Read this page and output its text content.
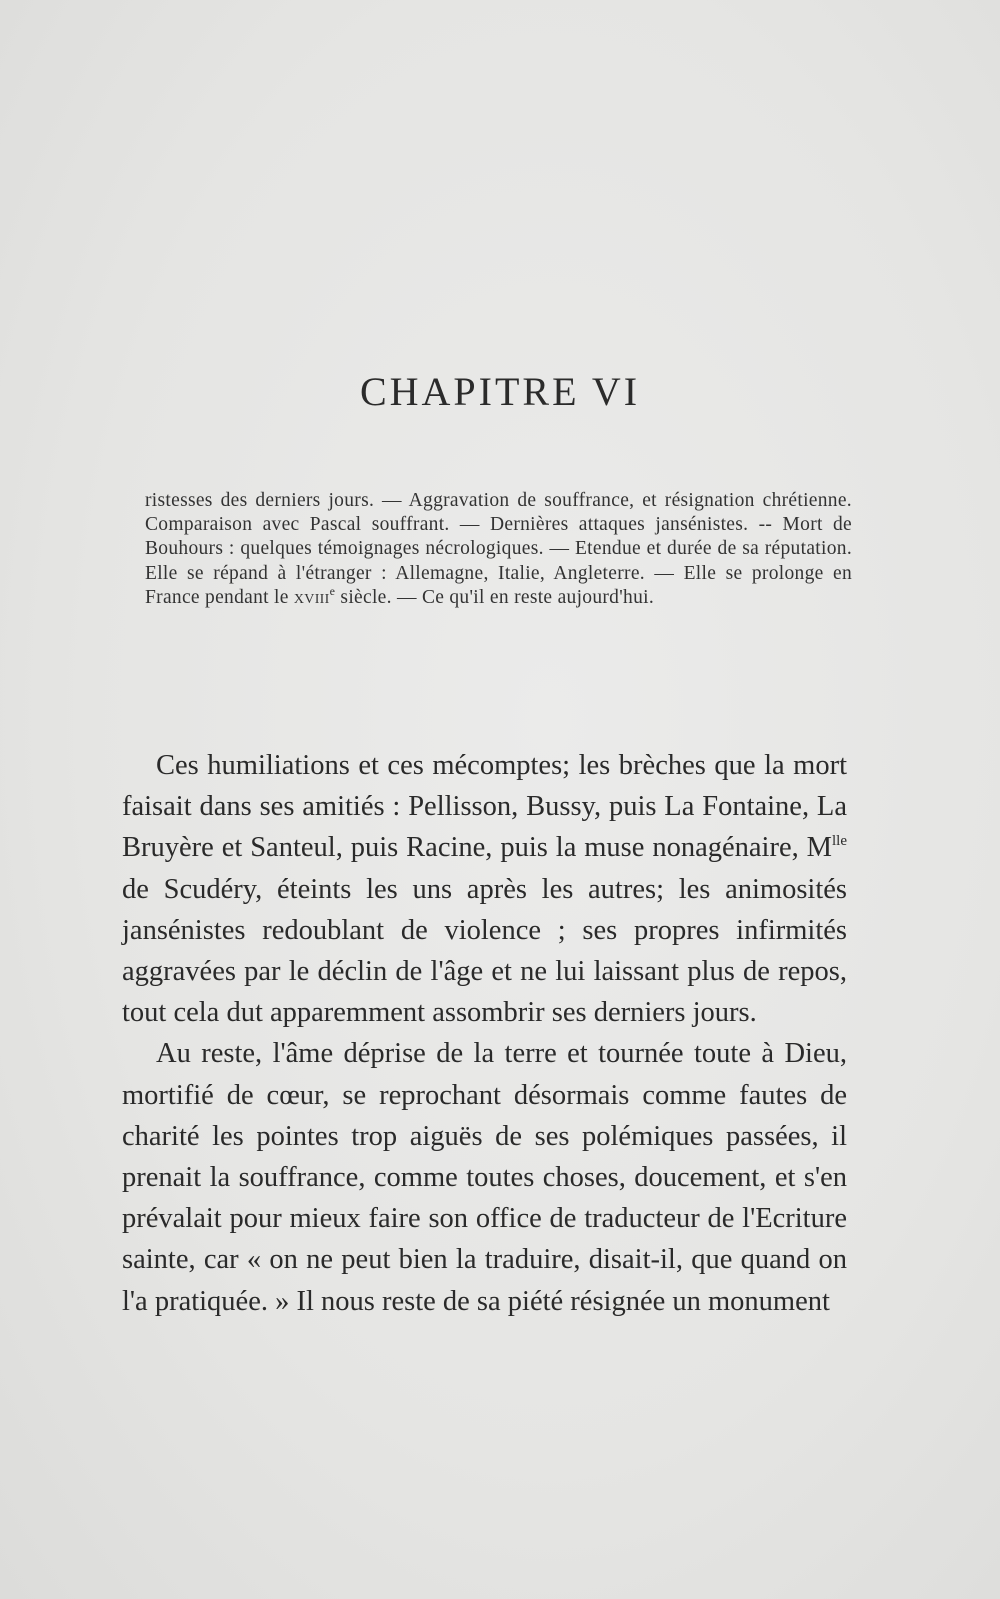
CHAPITRE VI

ristesses des derniers jours. — Aggravation de souffrance, et résignation chrétienne. Comparaison avec Pascal souffrant. — Dernières attaques jansénistes. -- Mort de Bouhours : quelques témoignages nécrologiques. — Etendue et durée de sa réputation. Elle se répand à l'étranger : Allemagne, Italie, Angleterre. — Elle se prolonge en France pendant le xviii$^e$ siècle. — Ce qu'il en reste aujourd'hui.

Ces humiliations et ces mécomptes; les brèches que la mort faisait dans ses amitiés : Pellisson, Bussy, puis La Fontaine, La Bruyère et Santeul, puis Racine, puis la muse nonagénaire, $M^{lle}$ de Scudéry, éteints les uns après les autres; les animosités jansénistes redoublant de violence ; ses propres infirmités aggravées par le déclin de l'âge et ne lui laissant plus de repos, tout cela dut apparemment assombrir ses derniers jours.

Au reste, l'âme déprise de la terre et tournée toute à Dieu, mortifié de cœur, se reprochant désormais comme fautes de charité les pointes trop aiguës de ses polémiques passées, il prenait la souffrance, comme toutes choses, doucement, et s'en prévalait pour mieux faire son office de traducteur de l'Ecriture sainte, car « on ne peut bien la traduire, disait-il, que quand on l'a pratiquée. » Il nous reste de sa piété résignée un monument
